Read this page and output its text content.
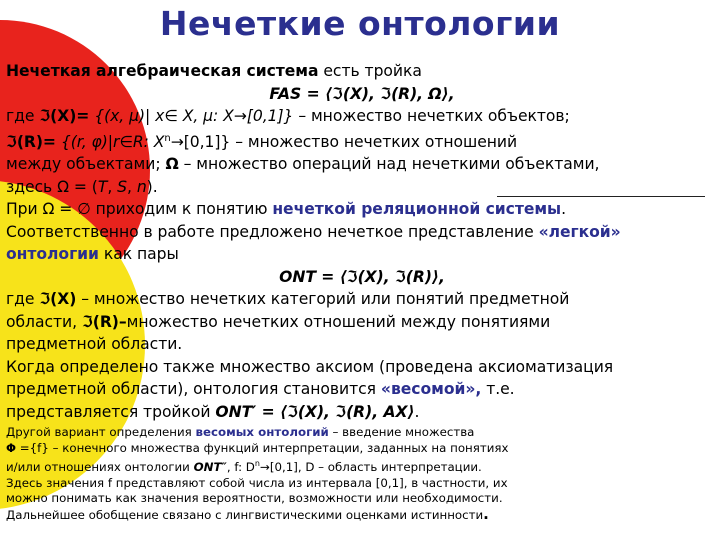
Нечеткие онтологии
Нечеткая алгебраическая система есть тройка
FAS = ⟨ℑ(X), ℑ(R), Ω⟩,
где ℑ(X)= {(x, μ)| x∈ X, μ: X→[0,1]} – множество нечетких объектов;
ℑ(R)= {(r, φ)|r∈R: $X^n\to[0,1]$} – множество нечетких отношений
между объектами; Ω – множество операций над нечеткими объектами,
здесь Ω = (T, S, n).
При Ω = ∅ приходим к понятию нечеткой реляционной системы.
Соответственно в работе предложено нечеткое представление «легкой»
онтологии как пары
ONT = ⟨ℑ(X), ℑ(R)⟩,
где ℑ(X) – множество нечетких категорий или понятий предметной
области, ℑ(R)–множество нечетких отношений между понятиями
предметной области.
Когда определено также множество аксиом (проведена аксиоматизация
предметной области), онтология становится «весомой», т.е.
представляется тройкой ONT′ = ⟨ℑ(X), ℑ(R), AX⟩.
Другой вариант определения весомых онтологий – введение множества
Φ ={f} – конечного множества функций интерпретации, заданных на понятиях
и/или отношениях онтологии ONT″, f: $D^n\to[0,1]$, D – область интерпретации.
Здесь значения f представляют собой числа из интервала [0,1], в частности, их
можно понимать как значения вероятности, возможности или необходимости.
Дальнейшее обобщение связано с лингвистическими оценками истинности.
